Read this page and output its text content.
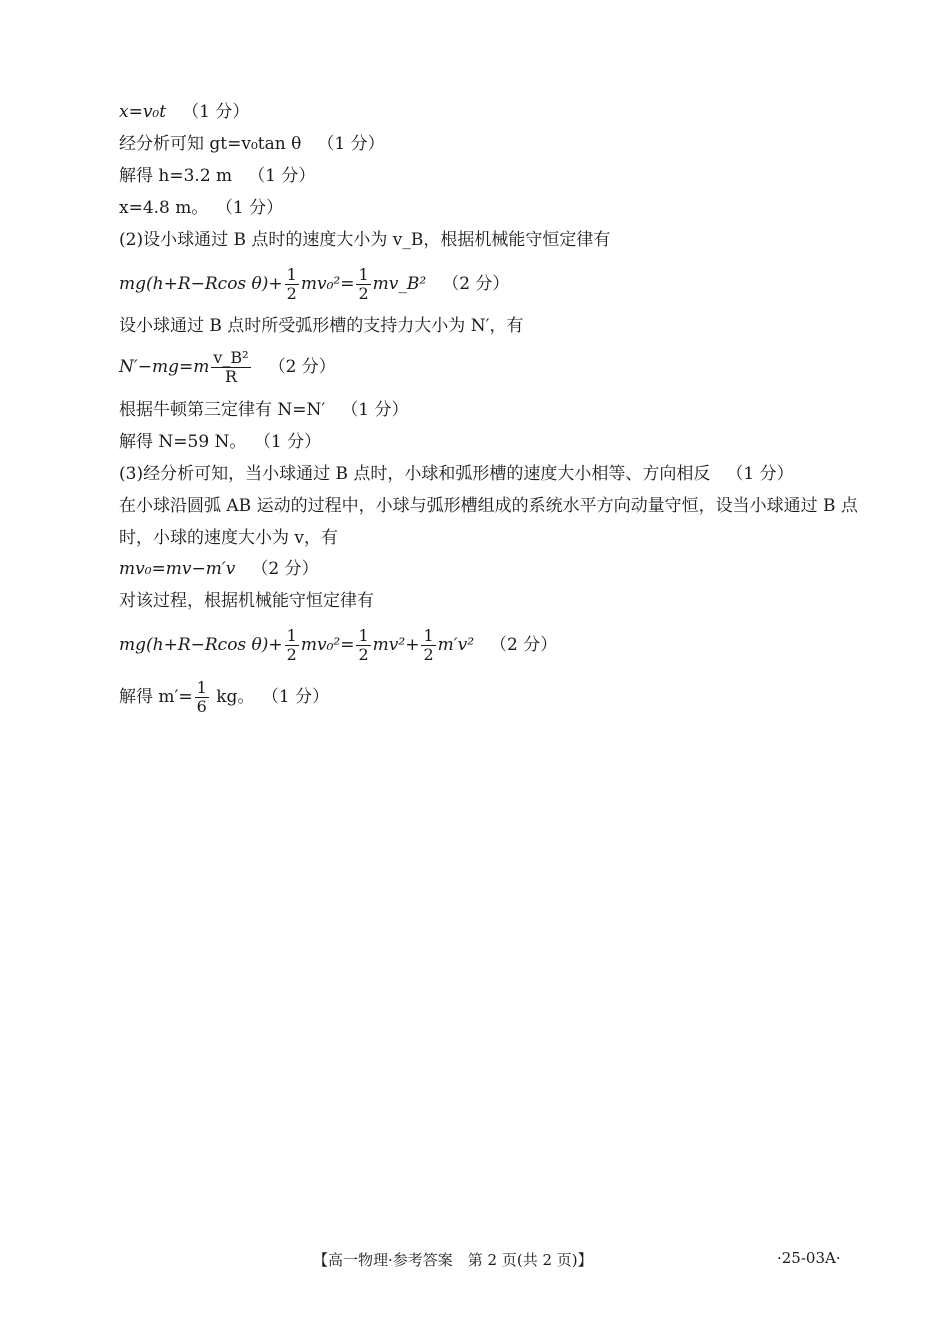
x=v₀t （1 分）
经分析可知 gt=v₀tan θ （1 分）
解得 h=3.2 m （1 分）
x=4.8 m。 （1 分）
(2)设小球通过 B 点时的速度大小为 v_B，根据机械能守恒定律有
mg(h+R−Rcos $\theta)+ \frac{1}{2} mv_0^2= \frac{1}{2}$ mv_B² （2 分）
设小球通过 B 点时所受弧形槽的支持力大小为 N′，有
$N'-mg=m \frac{\text{v\_B²}}{R} (2$ 分）
根据牛顿第三定律有 N=N′ （1 分）
解得 N=59 N。 （1 分）
(3)经分析可知，当小球通过 B 点时，小球和弧形槽的速度大小相等、方向相反 （1 分）
在小球沿圆弧 AB 运动的过程中，小球与弧形槽组成的系统水平方向动量守恒，设当小球通过 B 点时，小球的速度大小为 v，有
mv₀=mv−m′v （2 分）
对该过程，根据机械能守恒定律有
mg(h+R−Rcos $\theta)+ \frac{1}{2} mv_0^2= \frac{1}{2} mv^2+ \frac{1}{2} m'v^2$ （2 分）
解得 $m'= \frac{1}{6}$ kg。 （1 分）
【高一物理·参考答案　第 2 页(共 2 页)】	·25-03A·
